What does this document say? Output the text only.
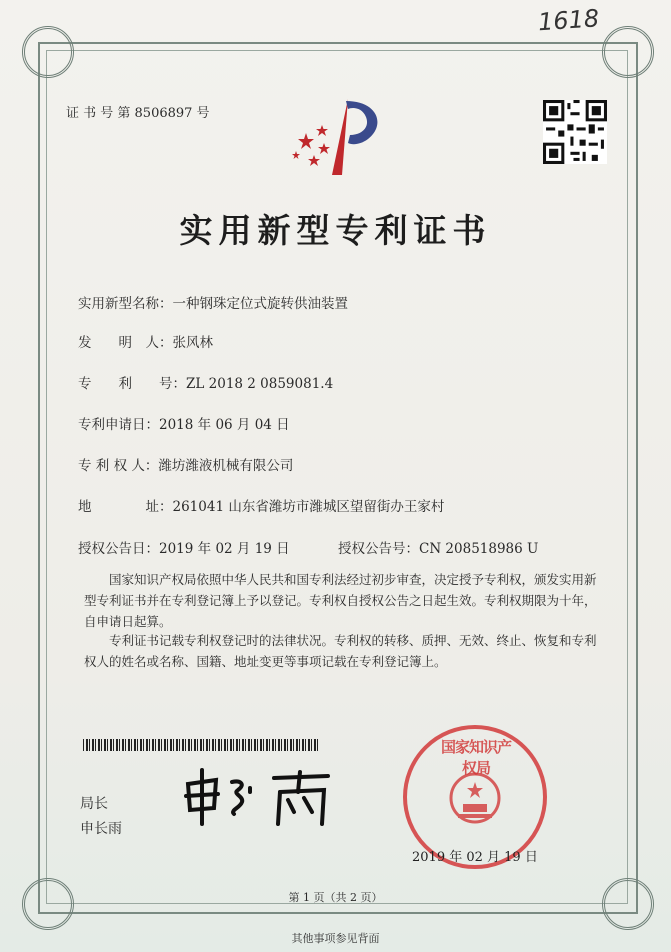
1618
证 书 号 第 8506897 号
实用新型专利证书
实用新型名称：一种钢珠定位式旋转供油装置
发　　明　人：张风林
专　　利　　号：ZL 2018 2 0859081.4
专利申请日：2018 年 06 月 04 日
专 利 权 人：潍坊潍液机械有限公司
地　　　　址：261041 山东省潍坊市潍城区望留街办王家村
授权公告日：2019 年 02 月 19 日	授权公告号：CN 208518986 U
国家知识产权局依照中华人民共和国专利法经过初步审查，决定授予专利权，颁发实用新型专利证书并在专利登记簿上予以登记。专利权自授权公告之日起生效。专利权期限为十年，自申请日起算。
专利证书记载专利权登记时的法律状况。专利权的转移、质押、无效、终止、恢复和专利权人的姓名或名称、国籍、地址变更等事项记载在专利登记簿上。
局长
申长雨
国家知识产权局
2019 年 02 月 19 日
第 1 页（共 2 页）
其他事项参见背面
